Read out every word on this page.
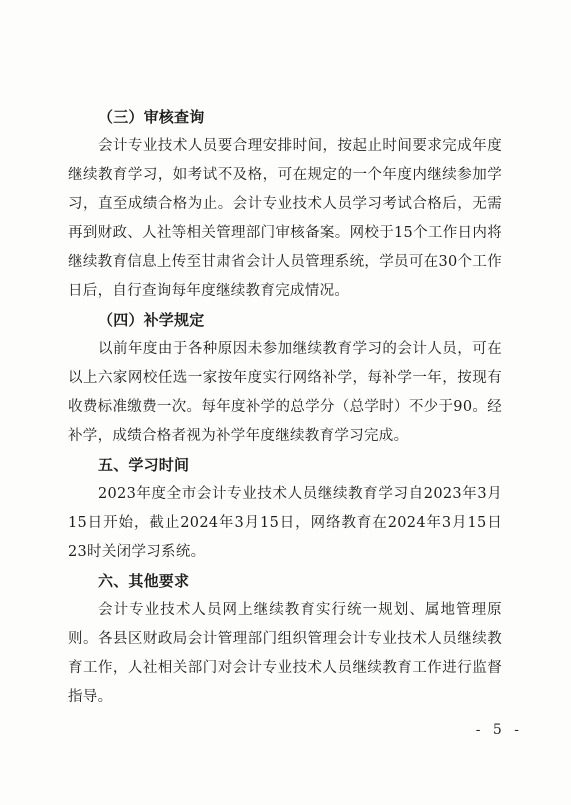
（三）审核查询

会计专业技术人员要合理安排时间，按起止时间要求完成年度继续教育学习，如考试不及格，可在规定的一个年度内继续参加学习，直至成绩合格为止。会计专业技术人员学习考试合格后，无需再到财政、人社等相关管理部门审核备案。网校于15个工作日内将继续教育信息上传至甘肃省会计人员管理系统，学员可在30个工作日后，自行查询每年度继续教育完成情况。

（四）补学规定

以前年度由于各种原因未参加继续教育学习的会计人员，可在以上六家网校任选一家按年度实行网络补学，每补学一年，按现有收费标准缴费一次。每年度补学的总学分（总学时）不少于90。经补学，成绩合格者视为补学年度继续教育学习完成。

五、学习时间

2023年度全市会计专业技术人员继续教育学习自2023年3月15日开始，截止2024年3月15日，网络教育在2024年3月15日23时关闭学习系统。

六、其他要求

会计专业技术人员网上继续教育实行统一规划、属地管理原则。各县区财政局会计管理部门组织管理会计专业技术人员继续教育工作，人社相关部门对会计专业技术人员继续教育工作进行监督指导。

- 5 -
